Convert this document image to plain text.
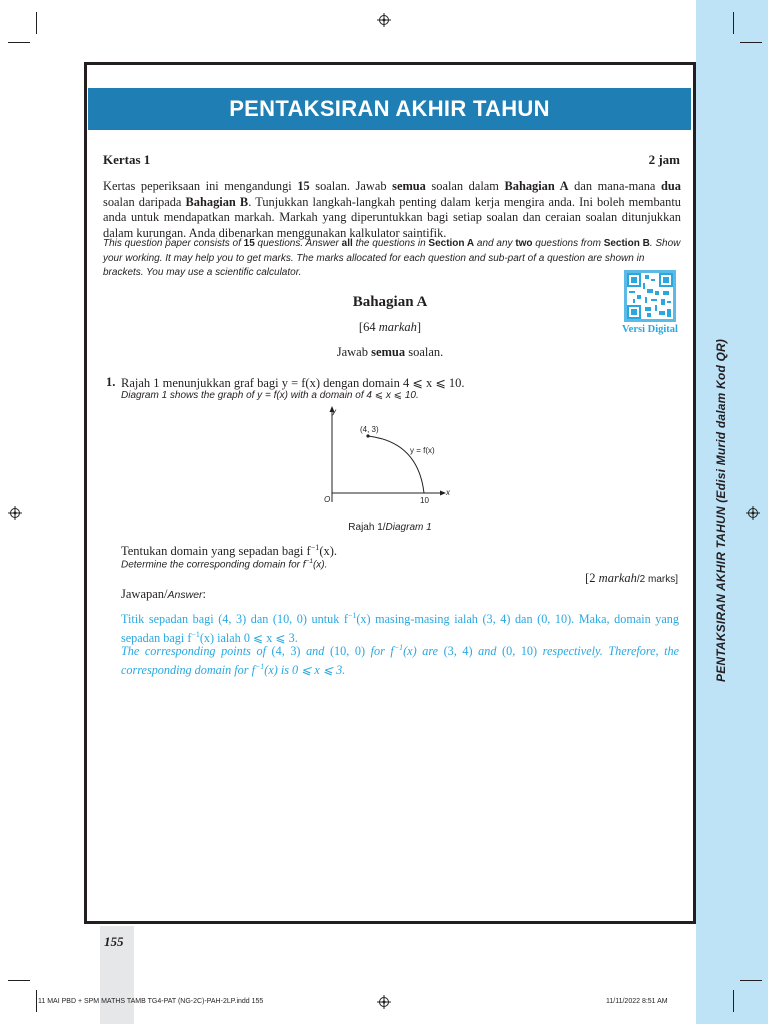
PENTAKSIRAN AKHIR TAHUN (Edisi Murid dalam Kod QR)
PENTAKSIRAN AKHIR TAHUN
Kertas 1	2 jam

Kertas peperiksaan ini mengandungi 15 soalan. Jawab semua soalan dalam Bahagian A dan mana-mana dua soalan daripada Bahagian B. Tunjukkan langkah-langkah penting dalam kerja mengira anda. Ini boleh membantu anda untuk mendapatkan markah. Markah yang diperuntukkan bagi setiap soalan dan ceraian soalan ditunjukkan dalam kurungan. Anda dibenarkan menggunakan kalkulator saintifik.

This question paper consists of 15 questions. Answer all the questions in Section A and any two questions from Section B. Show your working. It may help you to get marks. The marks allocated for each question and sub-part of a question are shown in brackets. You may use a scientific calculator.

Versi Digital
Bahagian A
[64 markah]
Jawab semua soalan.
1. Rajah 1 menunjukkan graf bagi y = f(x) dengan domain 4 ⩽ x ⩽ 10.
Diagram 1 shows the graph of y = f(x) with a domain of 4 ⩽ x ⩽ 10.
(4, 3)
y = f(x)
y
x
O	10
Rajah 1/Diagram 1
Tentukan domain yang sepadan bagi $f^{-1}(x)$.
Determine the corresponding domain for $f^{-1}(x)$.
[2 markah/2 marks]
Jawapan/Answer:

Titik sepadan bagi (4, 3) dan (10, 0) untuk $f^{-1}(x)$ masing-masing ialah (3, 4) dan (0, 10). Maka, domain yang sepadan bagi $f^{-1}(x)$ ialah 0 ⩽ x ⩽ 3.

The corresponding points of (4, 3) and (10, 0) for $f^{-1}(x)$ are (3, 4) and (0, 10) respectively. Therefore, the corresponding domain for $f^{-1}(x)$ is 0 ⩽ x ⩽ 3.

155
11 MAI PBD + SPM MATHS TAMB TG4-PAT (NG-2C)-PAH-2LP.indd 155	11/11/2022 8:51 AM
